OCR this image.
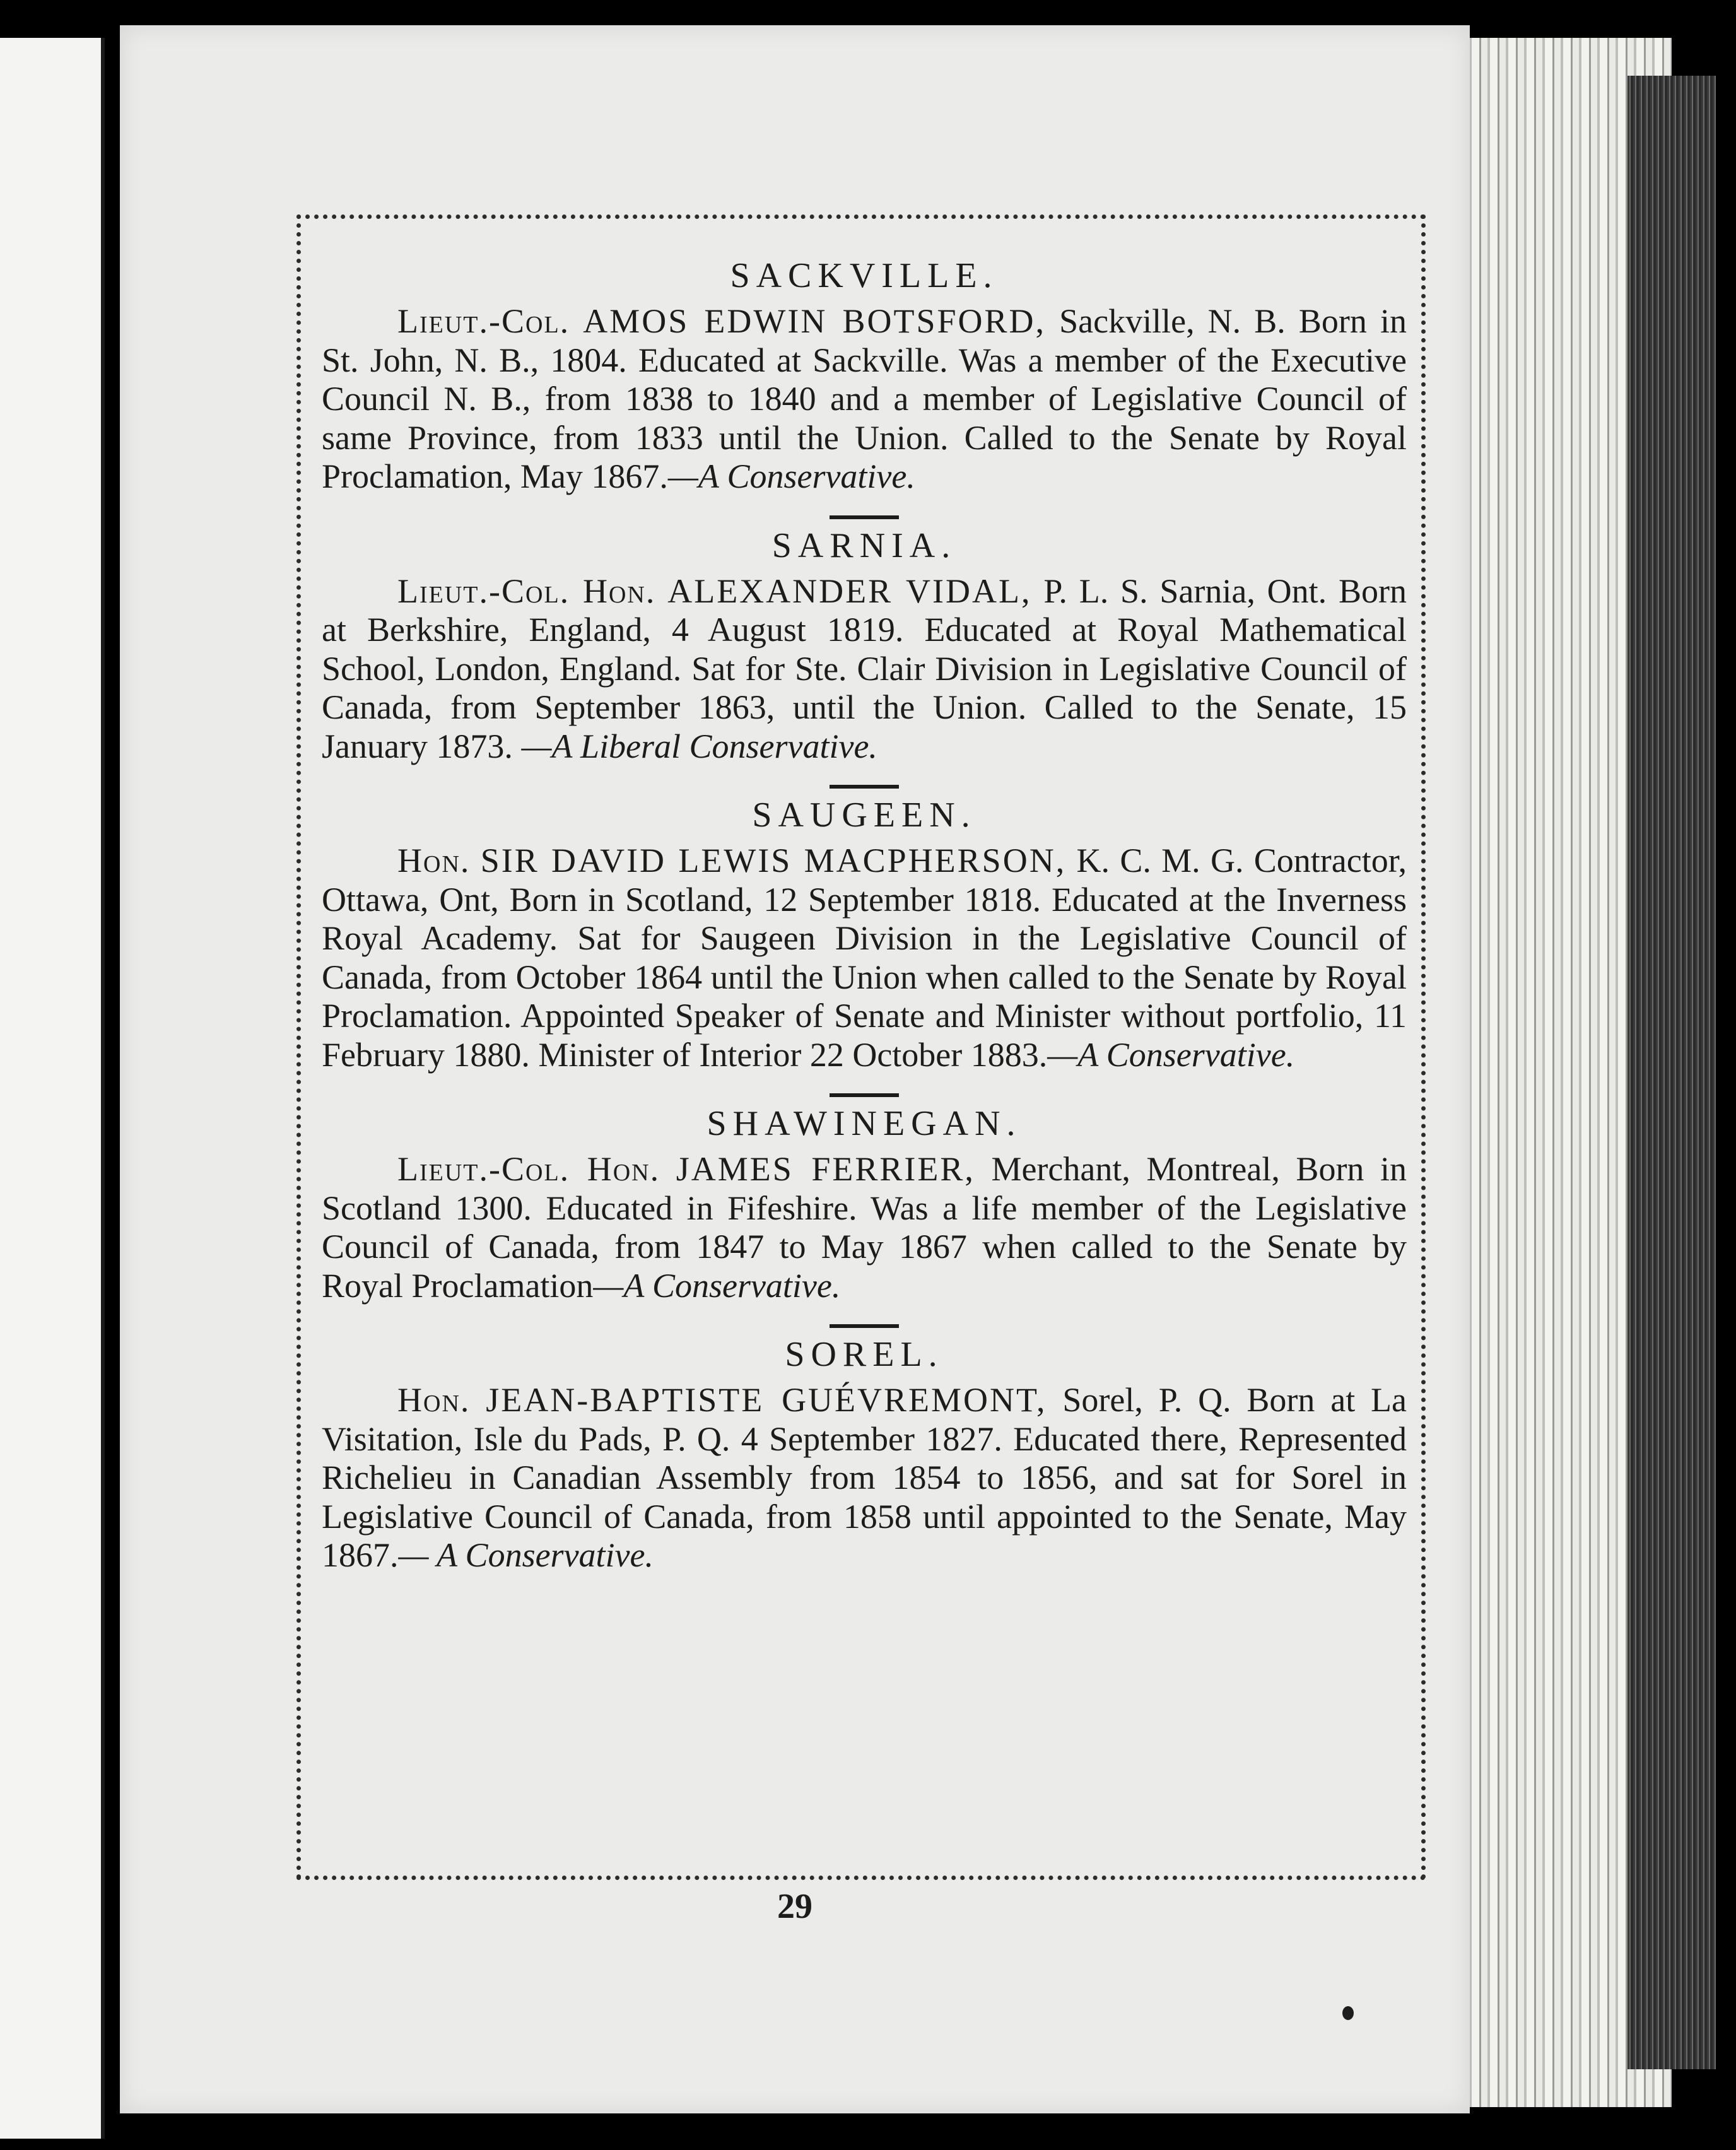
SACKVILLE.

Lieut.-Col. AMOS EDWIN BOTSFORD, Sackville, N. B. Born in St. John, N. B., 1804. Educated at Sackville. Was a member of the Executive Council N. B., from 1838 to 1840 and a member of Legislative Council of same Province, from 1833 until the Union. Called to the Senate by Royal Proclamation, May 1867.—A Conservative.

SARNIA.

Lieut.-Col. Hon. ALEXANDER VIDAL, P. L. S. Sarnia, Ont. Born at Berkshire, England, 4 August 1819. Educated at Royal Mathematical School, London, England. Sat for Ste. Clair Division in Legislative Council of Canada, from September 1863, until the Union. Called to the Senate, 15 January 1873. —A Liberal Conservative.

SAUGEEN.

Hon. SIR DAVID LEWIS MACPHERSON, K. C. M. G. Contractor, Ottawa, Ont, Born in Scotland, 12 September 1818. Educated at the Inverness Royal Academy. Sat for Saugeen Division in the Legislative Council of Canada, from October 1864 until the Union when called to the Senate by Royal Proclamation. Appointed Speaker of Senate and Minister without portfolio, 11 February 1880. Minister of Interior 22 October 1883.—A Conservative.

SHAWINEGAN.

Lieut.-Col. Hon. JAMES FERRIER, Merchant, Montreal, Born in Scotland 1300. Educated in Fifeshire. Was a life member of the Legislative Council of Canada, from 1847 to May 1867 when called to the Senate by Royal Proclamation—A Conservative.

SOREL.

Hon. JEAN-BAPTISTE GUÉVREMONT, Sorel, P. Q. Born at La Visitation, Isle du Pads, P. Q. 4 September 1827. Educated there, Represented Richelieu in Canadian Assembly from 1854 to 1856, and sat for Sorel in Legislative Council of Canada, from 1858 until appointed to the Senate, May 1867.— A Conservative.

29
